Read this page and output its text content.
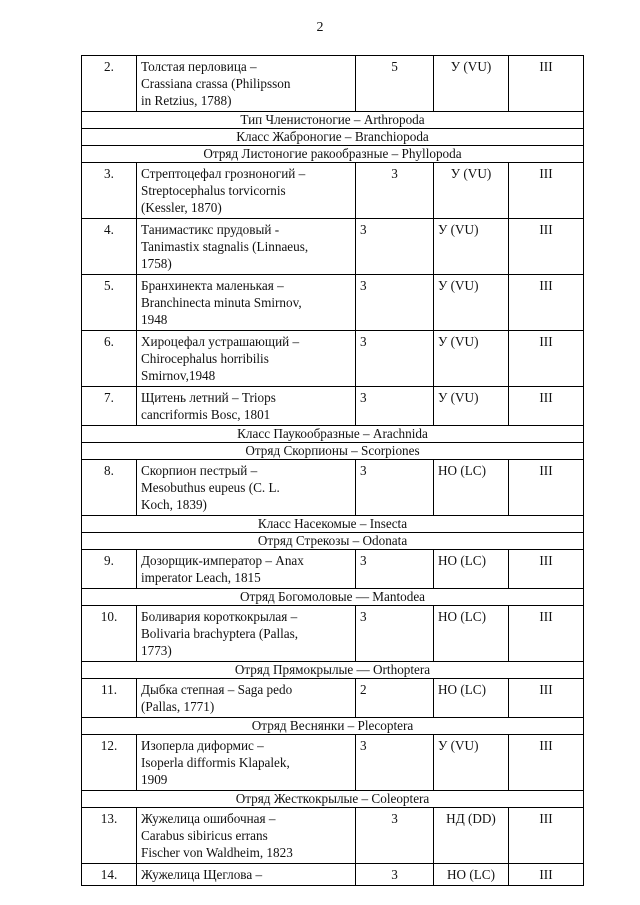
2
2.	Толстая перловица –
Crassiana crassa (Philipsson
in Retzius, 1788)	5	У (VU)	III
Тип Членистоногие – Arthropoda				
Класс Жаброногие – Branchiopoda				
Отряд Листоногие ракообразные – Phyllopoda				
3.	Стрептоцефал грозноногий –
Streptocephalus torvicornis
(Kessler, 1870)	3	У (VU)	III
4.	Танимастикс прудовый -
Tanimastix stagnalis (Linnaeus,
1758)	3	У (VU)	III
5.	Бранхинекта маленькая –
Branchinecta minuta Smirnov,
1948	3	У (VU)	III
6.	Хироцефал устрашающий –
Chirocephalus horribilis
Smirnov,1948	3	У (VU)	III
7.	Щитень летний – Triops
cancriformis Bosc, 1801	3	У (VU)	III
Класс Паукообразные – Arachnida				
Отряд Скорпионы – Scorpiones				
8.	Скорпион пестрый –
Mesobuthus eupeus (C. L.
Koch, 1839)	3	НО (LC)	III
Класс Насекомые – Insecta				
Отряд Стрекозы – Odonata				
9.	Дозорщик-император – Anax
imperator Leach, 1815	3	НО (LC)	III
Отряд Богомоловые — Mantodea				
10.	Боливария короткокрылая –
Bolivaria brachyptera (Pallas,
1773)	3	НО (LC)	III
Отряд Прямокрылые — Orthoptera				
11.	Дыбка степная – Saga pedo
(Pallas, 1771)	2	НО (LC)	III
Отряд Веснянки – Plecoptera				
12.	Изоперла диформис –
Isoperla difformis Klapalek,
1909	3	У (VU)	III
Отряд Жесткокрылые – Coleoptera				
13.	Жужелица ошибочная –
Carabus sibiricus errans
Fischer von Waldheim, 1823	3	НД (DD)	III
14.	Жужелица Щеглова –	3	НО (LC)	III
